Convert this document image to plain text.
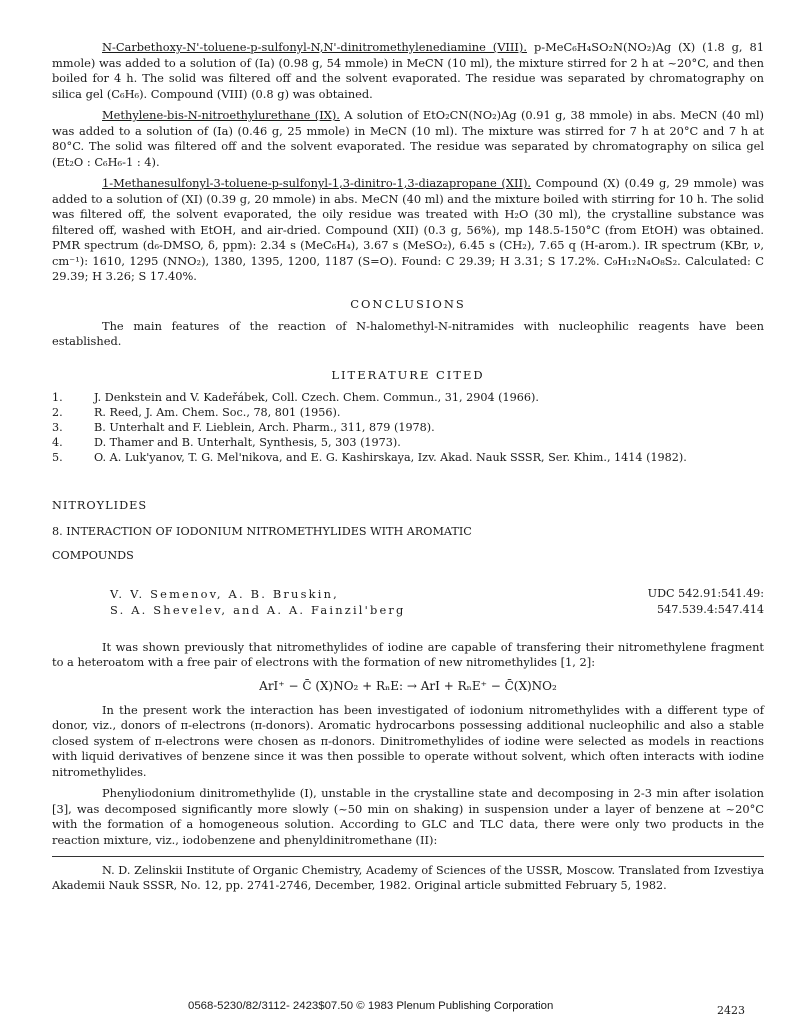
N-Carbethoxy-N'-toluene-p-sulfonyl-N,N'-dinitromethylenediamine (VIII). p-MeC₆H₄SO₂N(NO₂)Ag (X) (1.8 g, 81 mmole) was added to a solution of (Ia) (0.98 g, 54 mmole) in MeCN (10 ml), the mixture stirred for 2 h at ~20°C, and then boiled for 4 h. The solid was filtered off and the solvent evaporated. The residue was separated by chromatography on silica gel (C₆H₆). Compound (VIII) (0.8 g) was obtained.

Methylene-bis-N-nitroethylurethane (IX). A solution of EtO₂CN(NO₂)Ag (0.91 g, 38 mmole) in abs. MeCN (40 ml) was added to a solution of (Ia) (0.46 g, 25 mmole) in MeCN (10 ml). The mixture was stirred for 7 h at 20°C and 7 h at 80°C. The solid was filtered off and the solvent evaporated. The residue was separated by chromatography on silica gel (Et₂O : C₆H₆-1 : 4).

1-Methanesulfonyl-3-toluene-p-sulfonyl-1,3-dinitro-1,3-diazapropane (XII). Compound (X) (0.49 g, 29 mmole) was added to a solution of (XI) (0.39 g, 20 mmole) in abs. MeCN (40 ml) and the mixture boiled with stirring for 10 h. The solid was filtered off, the solvent evaporated, the oily residue was treated with H₂O (30 ml), the crystalline substance was filtered off, washed with EtOH, and air-dried. Compound (XII) (0.3 g, 56%), mp 148.5-150°C (from EtOH) was obtained. PMR spectrum (d₆-DMSO, δ, ppm): 2.34 s (MeC₆H₄), 3.67 s (MeSO₂), 6.45 s (CH₂), 7.65 q (H-arom.). IR spectrum (KBr, ν, cm⁻¹): 1610, 1295 (NNO₂), 1380, 1395, 1200, 1187 (S=O). Found: C 29.39; H 3.31; S 17.2%. C₉H₁₂N₄O₈S₂. Calculated: C 29.39; H 3.26; S 17.40%.

CONCLUSIONS

The main features of the reaction of N-halomethyl-N-nitramides with nucleophilic reagents have been established.

LITERATURE CITED
1.	J. Denkstein and V. Kadeřábek, Coll. Czech. Chem. Commun., 31, 2904 (1966).
2.	R. Reed, J. Am. Chem. Soc., 78, 801 (1956).
3.	B. Unterhalt and F. Lieblein, Arch. Pharm., 311, 879 (1978).
4.	D. Thamer and B. Unterhalt, Synthesis, 5, 303 (1973).
5.	O. A. Luk'yanov, T. G. Mel'nikova, and E. G. Kashirskaya, Izv. Akad. Nauk SSSR, Ser. Khim., 1414 (1982).
NITROYLIDES
8. INTERACTION OF IODONIUM NITROMETHYLIDES WITH AROMATIC
COMPOUNDS
V. V. Semenov, A. B. Bruskin,
S. A. Shevelev, and A. A. Fainzil'berg
UDC 542.91:541.49:
547.539.4:547.414

It was shown previously that nitromethylides of iodine are capable of transfering their nitromethylene fragment to a heteroatom with a free pair of electrons with the formation of new nitromethylides [1, 2]:

ArI⁺ − C̄ (X)NO₂ + RₙE: → ArI + RₙE⁺ − C̄(X)NO₂

In the present work the interaction has been investigated of iodonium nitromethylides with a different type of donor, viz., donors of π-electrons (π-donors). Aromatic hydrocarbons possessing additional nucleophilic and also a stable closed system of π-electrons were chosen as π-donors. Dinitromethylides of iodine were selected as models in reactions with liquid derivatives of benzene since it was then possible to operate without solvent, which often interacts with iodine nitromethylides.

Phenyliodonium dinitromethylide (I), unstable in the crystalline state and decomposing in 2-3 min after isolation [3], was decomposed significantly more slowly (~50 min on shaking) in suspension under a layer of benzene at ~20°C with the formation of a homogeneous solution. According to GLC and TLC data, there were only two products in the reaction mixture, viz., iodobenzene and phenyldinitromethane (II):

N. D. Zelinskii Institute of Organic Chemistry, Academy of Sciences of the USSR, Moscow. Translated from Izvestiya Akademii Nauk SSSR, No. 12, pp. 2741-2746, December, 1982. Original article submitted February 5, 1982.

0568-5230/82/3112- 2423$07.50 © 1983 Plenum Publishing Corporation	2423
